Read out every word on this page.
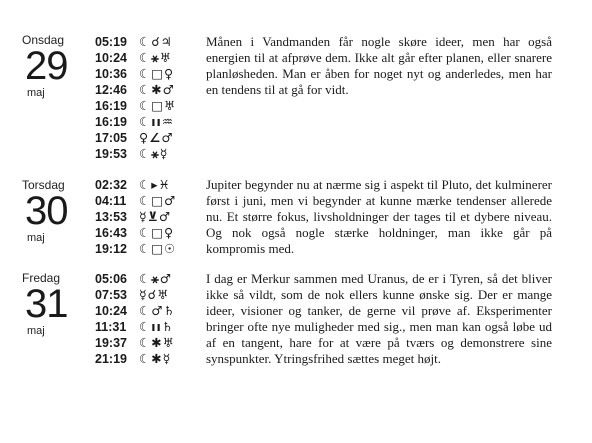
Onsdag
29
maj
05:19 ☾☌♃
10:24 ☾⚹♅
10:36 ☾□♀
12:46 ☾✱♂
16:19 ☾□♅
16:19 ☾ıı♒
17:05 ♀∠♂
19:53 ☾⚹☿
Månen i Vandmanden får nogle skøre ideer, men har også energien til at afprøve dem. Ikke alt går efter planen, eller snarere planløsheden. Man er åben for noget nyt og anderledes, men har en tendens til at gå for vidt.
Torsdag
30
maj
02:32 ☾▸♓
04:11 ☾□♂
13:53 ☿⊻♂
16:43 ☾□♀
19:12 ☾□☉
Jupiter begynder nu at nærme sig i aspekt til Pluto, det kulminerer først i juni, men vi begynder at kunne mærke tendenser allerede nu. Et større fokus, livsholdninger der tages til et dybere niveau. Og nok også nogle stærke holdninger, man ikke går på kompromis med.
Fredag
31
maj
05:06 ☾⚹♂
07:53 ☿☌♅
10:24 ☾♂♄
11:31 ☾ıı♄
19:37 ☾✱♅
21:19 ☾✱☿
I dag er Merkur sammen med Uranus, de er i Tyren, så det bliver ikke så vildt, som de nok ellers kunne ønske sig. Der er mange ideer, visioner og tanker, de gerne vil prøve af. Eksperimenter bringer ofte nye muligheder med sig., men man kan også løbe ud af en tangent, hare for at være på tværs og demonstrere sine synspunkter. Ytringsfrihed sættes meget højt.
